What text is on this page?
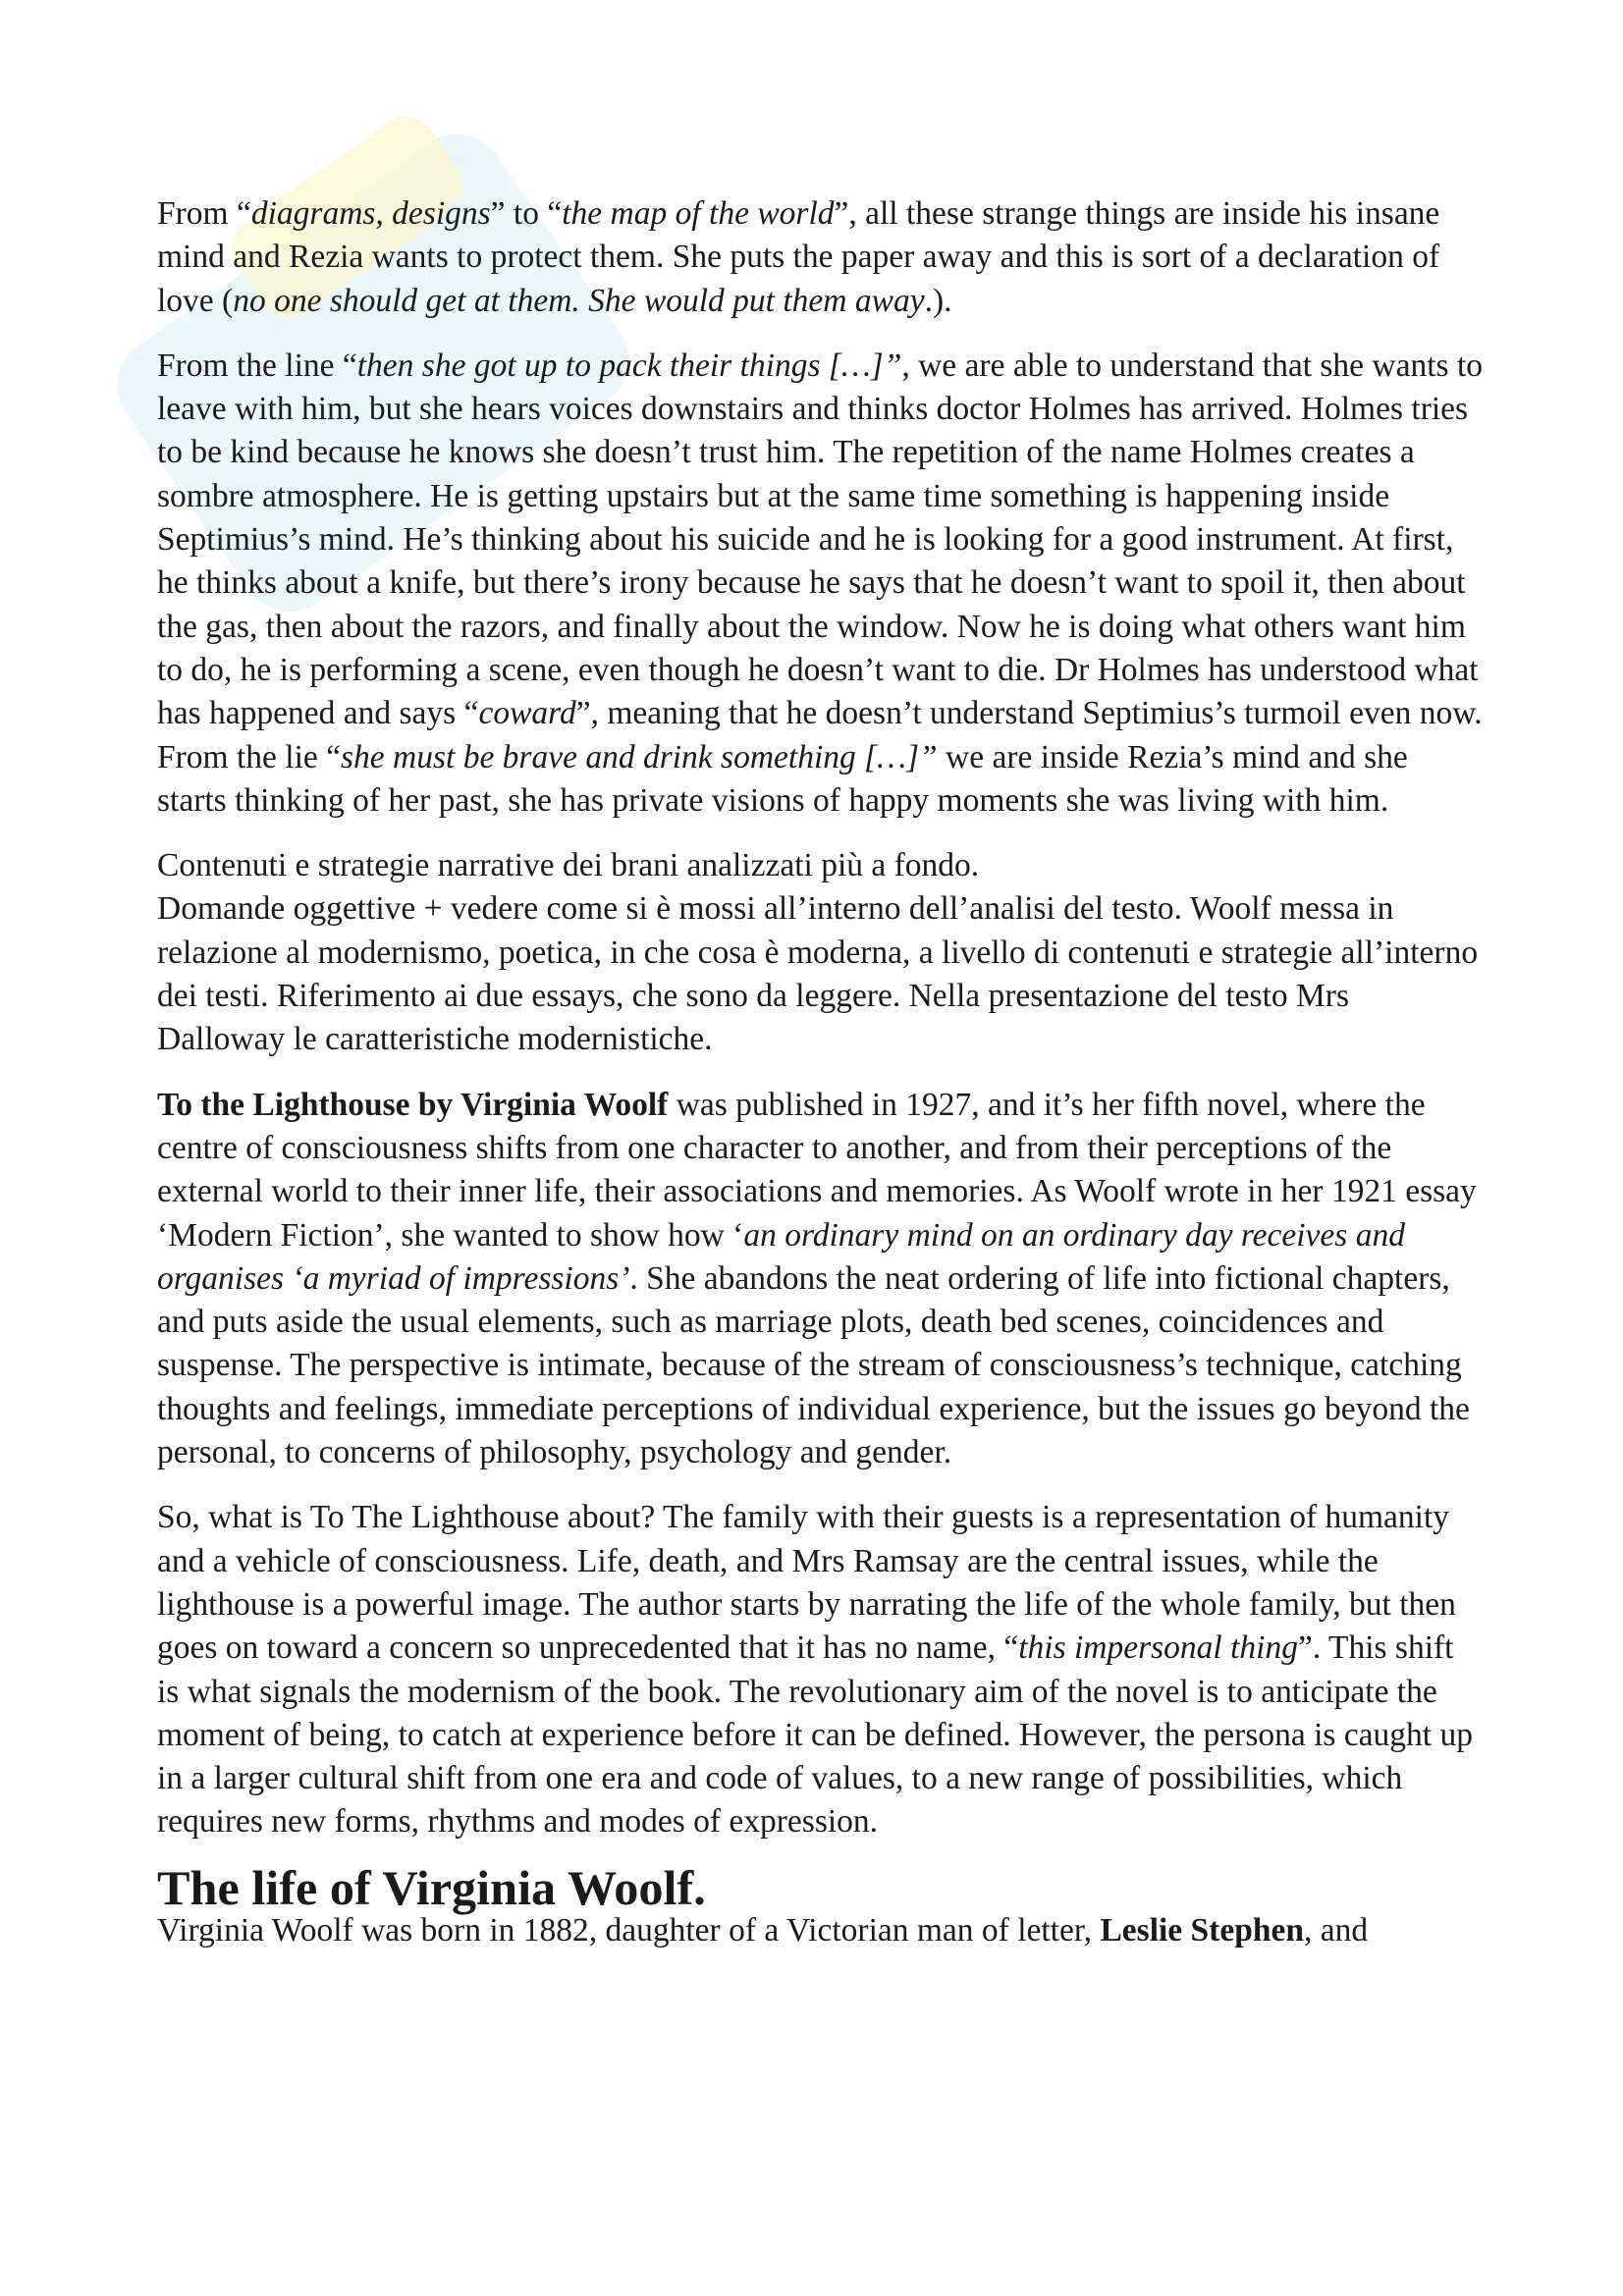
From “diagrams, designs” to “the map of the world”, all these strange things are inside his insane mind and Rezia wants to protect them. She puts the paper away and this is sort of a declaration of love (no one should get at them. She would put them away.).

From the line “then she got up to pack their things […]”, we are able to understand that she wants to leave with him, but she hears voices downstairs and thinks doctor Holmes has arrived. Holmes tries to be kind because he knows she doesn’t trust him. The repetition of the name Holmes creates a sombre atmosphere. He is getting upstairs but at the same time something is happening inside Septimius’s mind. He’s thinking about his suicide and he is looking for a good instrument. At first, he thinks about a knife, but there’s irony because he says that he doesn’t want to spoil it, then about the gas, then about the razors, and finally about the window. Now he is doing what others want him to do, he is performing a scene, even though he doesn’t want to die. Dr Holmes has understood what has happened and says “coward”, meaning that he doesn’t understand Septimius’s turmoil even now.

From the lie “she must be brave and drink something […]” we are inside Rezia’s mind and she starts thinking of her past, she has private visions of happy moments she was living with him.

Contenuti e strategie narrative dei brani analizzati più a fondo.

Domande oggettive + vedere come si è mossi all’interno dell’analisi del testo. Woolf messa in relazione al modernismo, poetica, in che cosa è moderna, a livello di contenuti e strategie all’interno dei testi. Riferimento ai due essays, che sono da leggere. Nella presentazione del testo Mrs Dalloway le caratteristiche modernistiche.

To the Lighthouse by Virginia Woolf was published in 1927, and it’s her fifth novel, where the centre of consciousness shifts from one character to another, and from their perceptions of the external world to their inner life, their associations and memories. As Woolf wrote in her 1921 essay ‘Modern Fiction’, she wanted to show how ‘an ordinary mind on an ordinary day receives and organises ‘a myriad of impressions’. She abandons the neat ordering of life into fictional chapters, and puts aside the usual elements, such as marriage plots, death bed scenes, coincidences and suspense. The perspective is intimate, because of the stream of consciousness’s technique, catching thoughts and feelings, immediate perceptions of individual experience, but the issues go beyond the personal, to concerns of philosophy, psychology and gender.

So, what is To The Lighthouse about? The family with their guests is a representation of humanity and a vehicle of consciousness. Life, death, and Mrs Ramsay are the central issues, while the lighthouse is a powerful image. The author starts by narrating the life of the whole family, but then goes on toward a concern so unprecedented that it has no name, “this impersonal thing”. This shift is what signals the modernism of the book. The revolutionary aim of the novel is to anticipate the moment of being, to catch at experience before it can be defined. However, the persona is caught up in a larger cultural shift from one era and code of values, to a new range of possibilities, which requires new forms, rhythms and modes of expression.

The life of Virginia Woolf.

Virginia Woolf was born in 1882, daughter of a Victorian man of letter, Leslie Stephen, and
